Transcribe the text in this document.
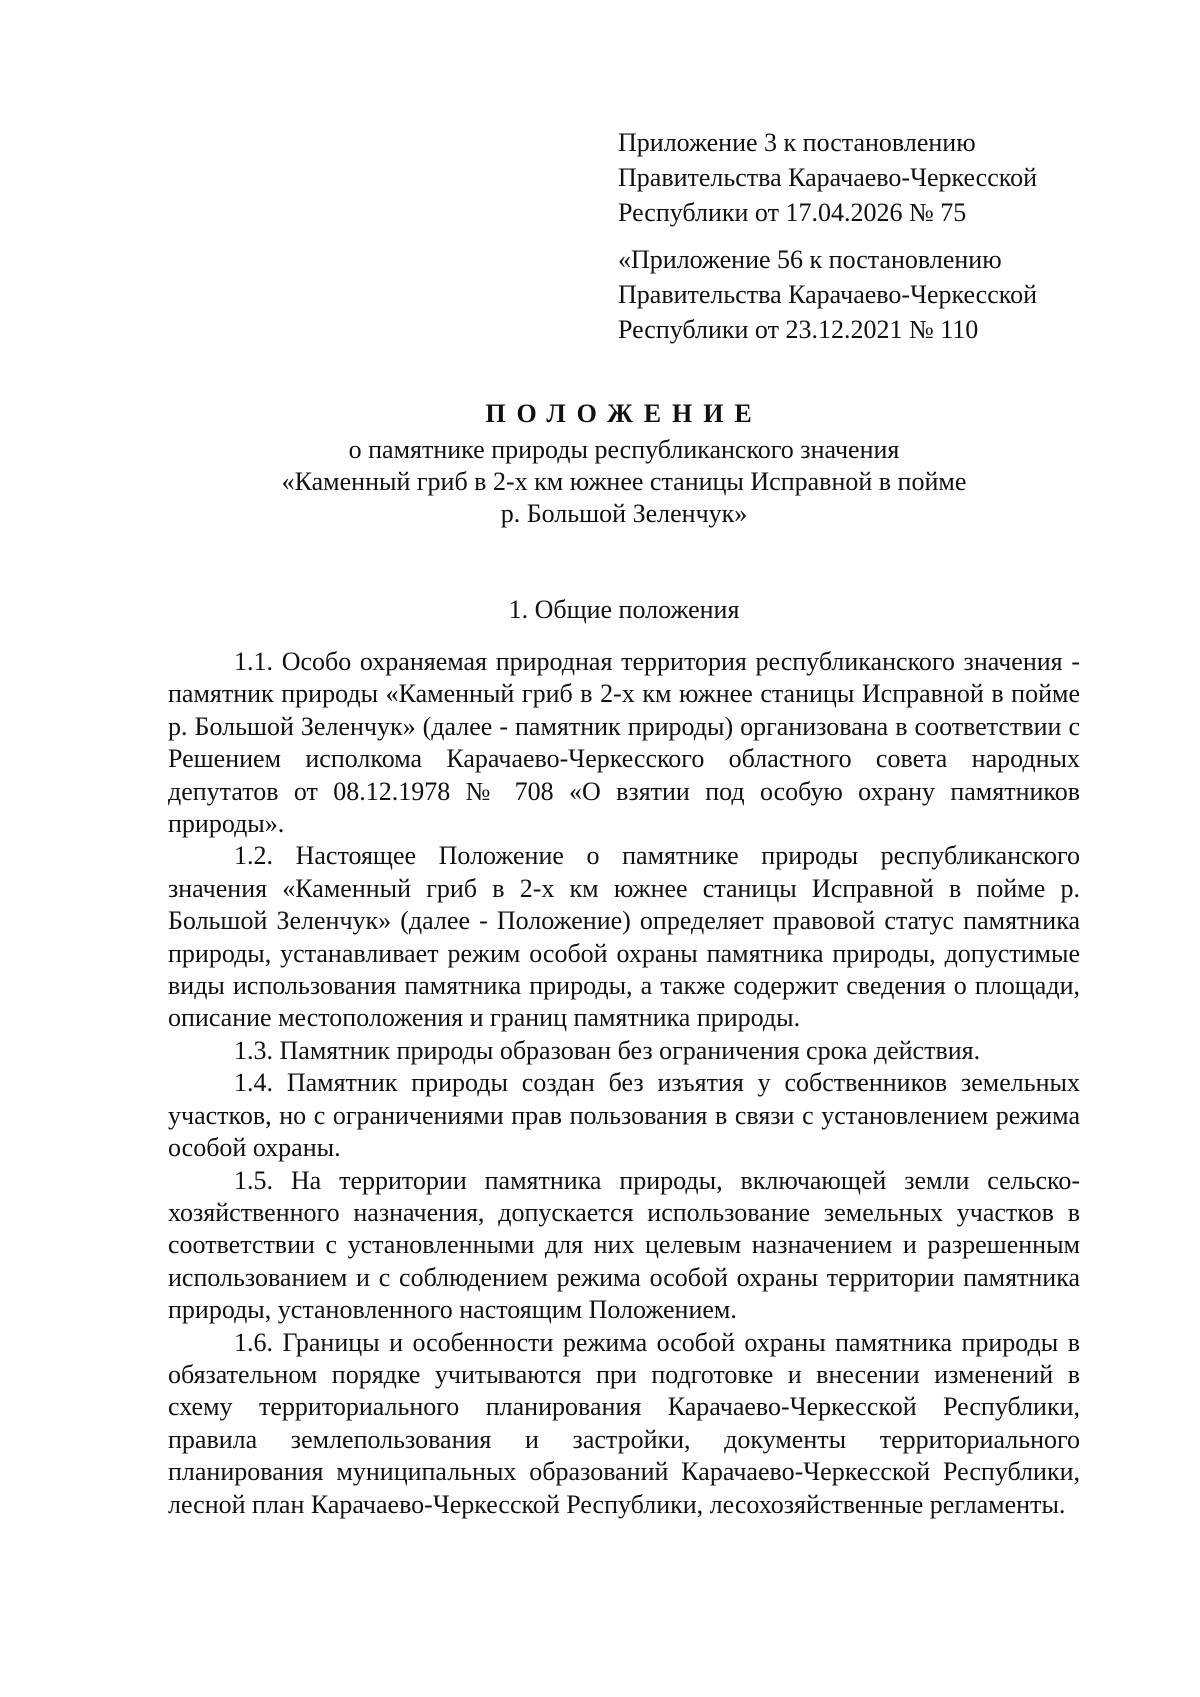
Приложение 3 к постановлению
Правительства Карачаево-Черкесской
Республики от 17.04.2026 № 75
«Приложение 56 к постановлению
Правительства Карачаево-Черкесской
Республики от 23.12.2021 № 110
ПОЛОЖЕНИЕ
о памятнике природы республиканского значения
«Каменный гриб в 2-х км южнее станицы Исправной в пойме
р. Большой Зеленчук»
1. Общие положения

1.1. Особо охраняемая природная территория республиканского значения - памятник природы «Каменный гриб в 2-х км южнее станицы Исправной в пойме р. Большой Зеленчук» (далее - памятник природы) организована в соответствии с Решением исполкома Карачаево-Черкесского областного совета народных депутатов от 08.12.1978 № 708 «О взятии под особую охрану памятников природы».

1.2. Настоящее Положение о памятнике природы республиканского значения «Каменный гриб в 2-х км южнее станицы Исправной в пойме р. Большой Зеленчук» (далее - Положение) определяет правовой статус памятника природы, устанавливает режим особой охраны памятника природы, допустимые виды использования памятника природы, а также содержит сведения о площади, описание местоположения и границ памятника природы.

1.3. Памятник природы образован без ограничения срока действия.

1.4. Памятник природы создан без изъятия у собственников земельных участков, но с ограничениями прав пользования в связи с установлением режима особой охраны.

1.5. На территории памятника природы, включающей земли сельскохозяйственного назначения, допускается использование земельных участков в соответствии с установленными для них целевым назначением и разрешенным использованием и с соблюдением режима особой охраны территории памятника природы, установленного настоящим Положением.

1.6. Границы и особенности режима особой охраны памятника природы в обязательном порядке учитываются при подготовке и внесении изменений в схему территориального планирования Карачаево-Черкесской Республики, правила землепользования и застройки, документы территориального планирования муниципальных образований Карачаево-Черкесской Республики, лесной план Карачаево-Черкесской Республики, лесохозяйственные регламенты.
